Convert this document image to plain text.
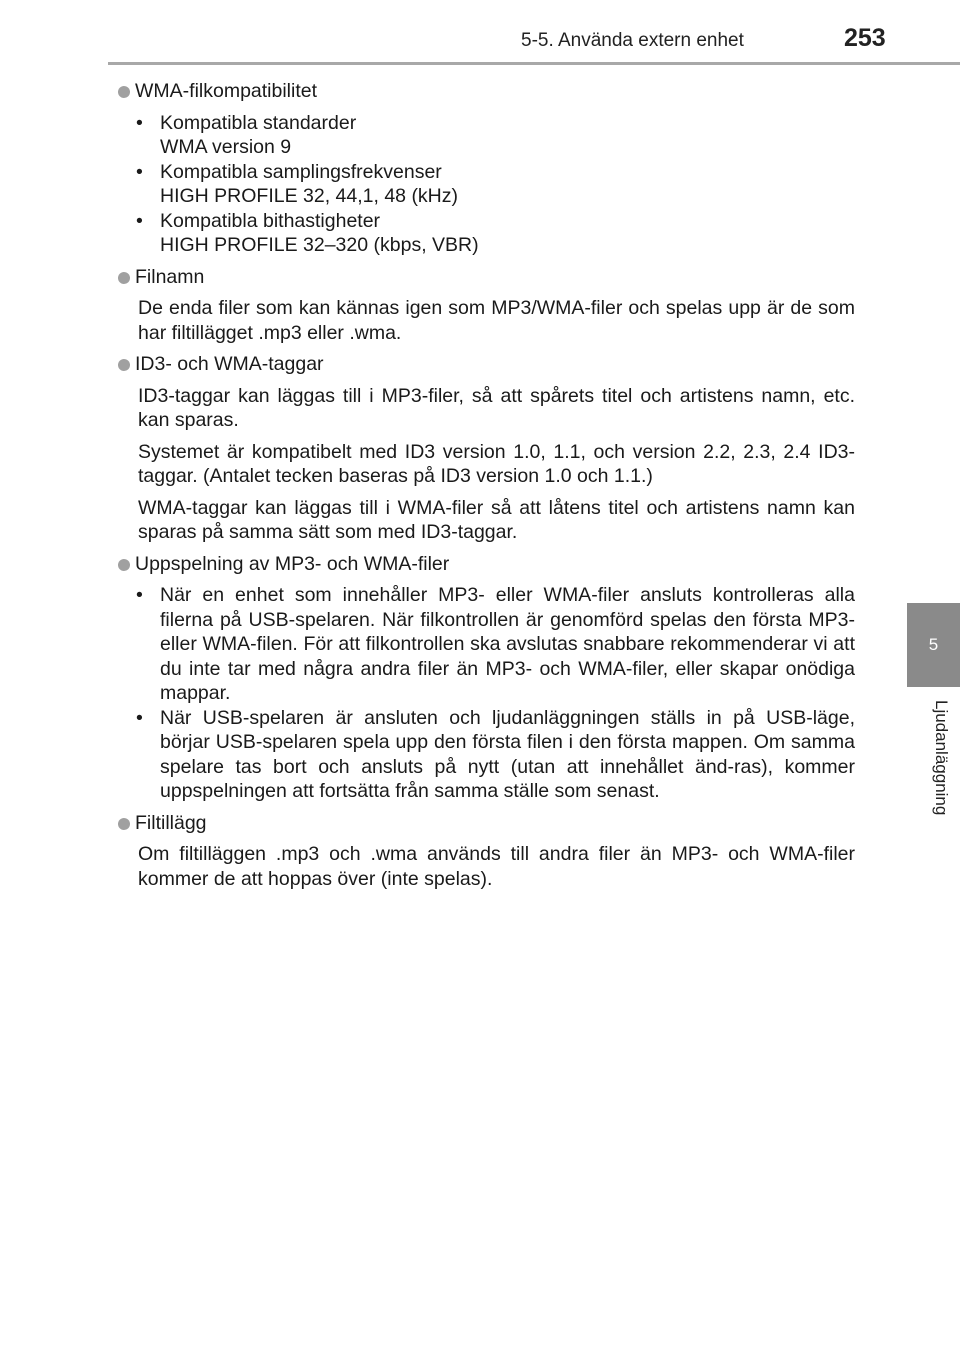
5-5. Använda extern enhet	253
5
Ljudanläggning
WMA-filkompatibilitet
• Kompatibla standarder
WMA version 9
• Kompatibla samplingsfrekvenser
HIGH PROFILE 32, 44,1, 48 (kHz)
• Kompatibla bithastigheter
HIGH PROFILE 32–320 (kbps, VBR)
Filnamn

De enda filer som kan kännas igen som MP3/WMA-filer och spelas upp är de som har filtillägget .mp3 eller .wma.

ID3- och WMA-taggar

ID3-taggar kan läggas till i MP3-filer, så att spårets titel och artistens namn, etc. kan sparas.

Systemet är kompatibelt med ID3 version 1.0, 1.1, och version 2.2, 2.3, 2.4 ID3-taggar. (Antalet tecken baseras på ID3 version 1.0 och 1.1.)

WMA-taggar kan läggas till i WMA-filer så att låtens titel och artistens namn kan sparas på samma sätt som med ID3-taggar.

Uppspelning av MP3- och WMA-filer
• När en enhet som innehåller MP3- eller WMA-filer ansluts kontrolleras alla filerna på USB-spelaren. När filkontrollen är genomförd spelas den första MP3- eller WMA-filen. För att filkontrollen ska avslutas snabbare rekommenderar vi att du inte tar med några andra filer än MP3- och WMA-filer, eller skapar onödiga mappar.
• När USB-spelaren är ansluten och ljudanläggningen ställs in på USB-läge, börjar USB-spelaren spela upp den första filen i den första mappen. Om samma spelare tas bort och ansluts på nytt (utan att innehållet änd-ras), kommer uppspelningen att fortsätta från samma ställe som senast.
Filtillägg

Om filtilläggen .mp3 och .wma används till andra filer än MP3- och WMA-filer kommer de att hoppas över (inte spelas).
